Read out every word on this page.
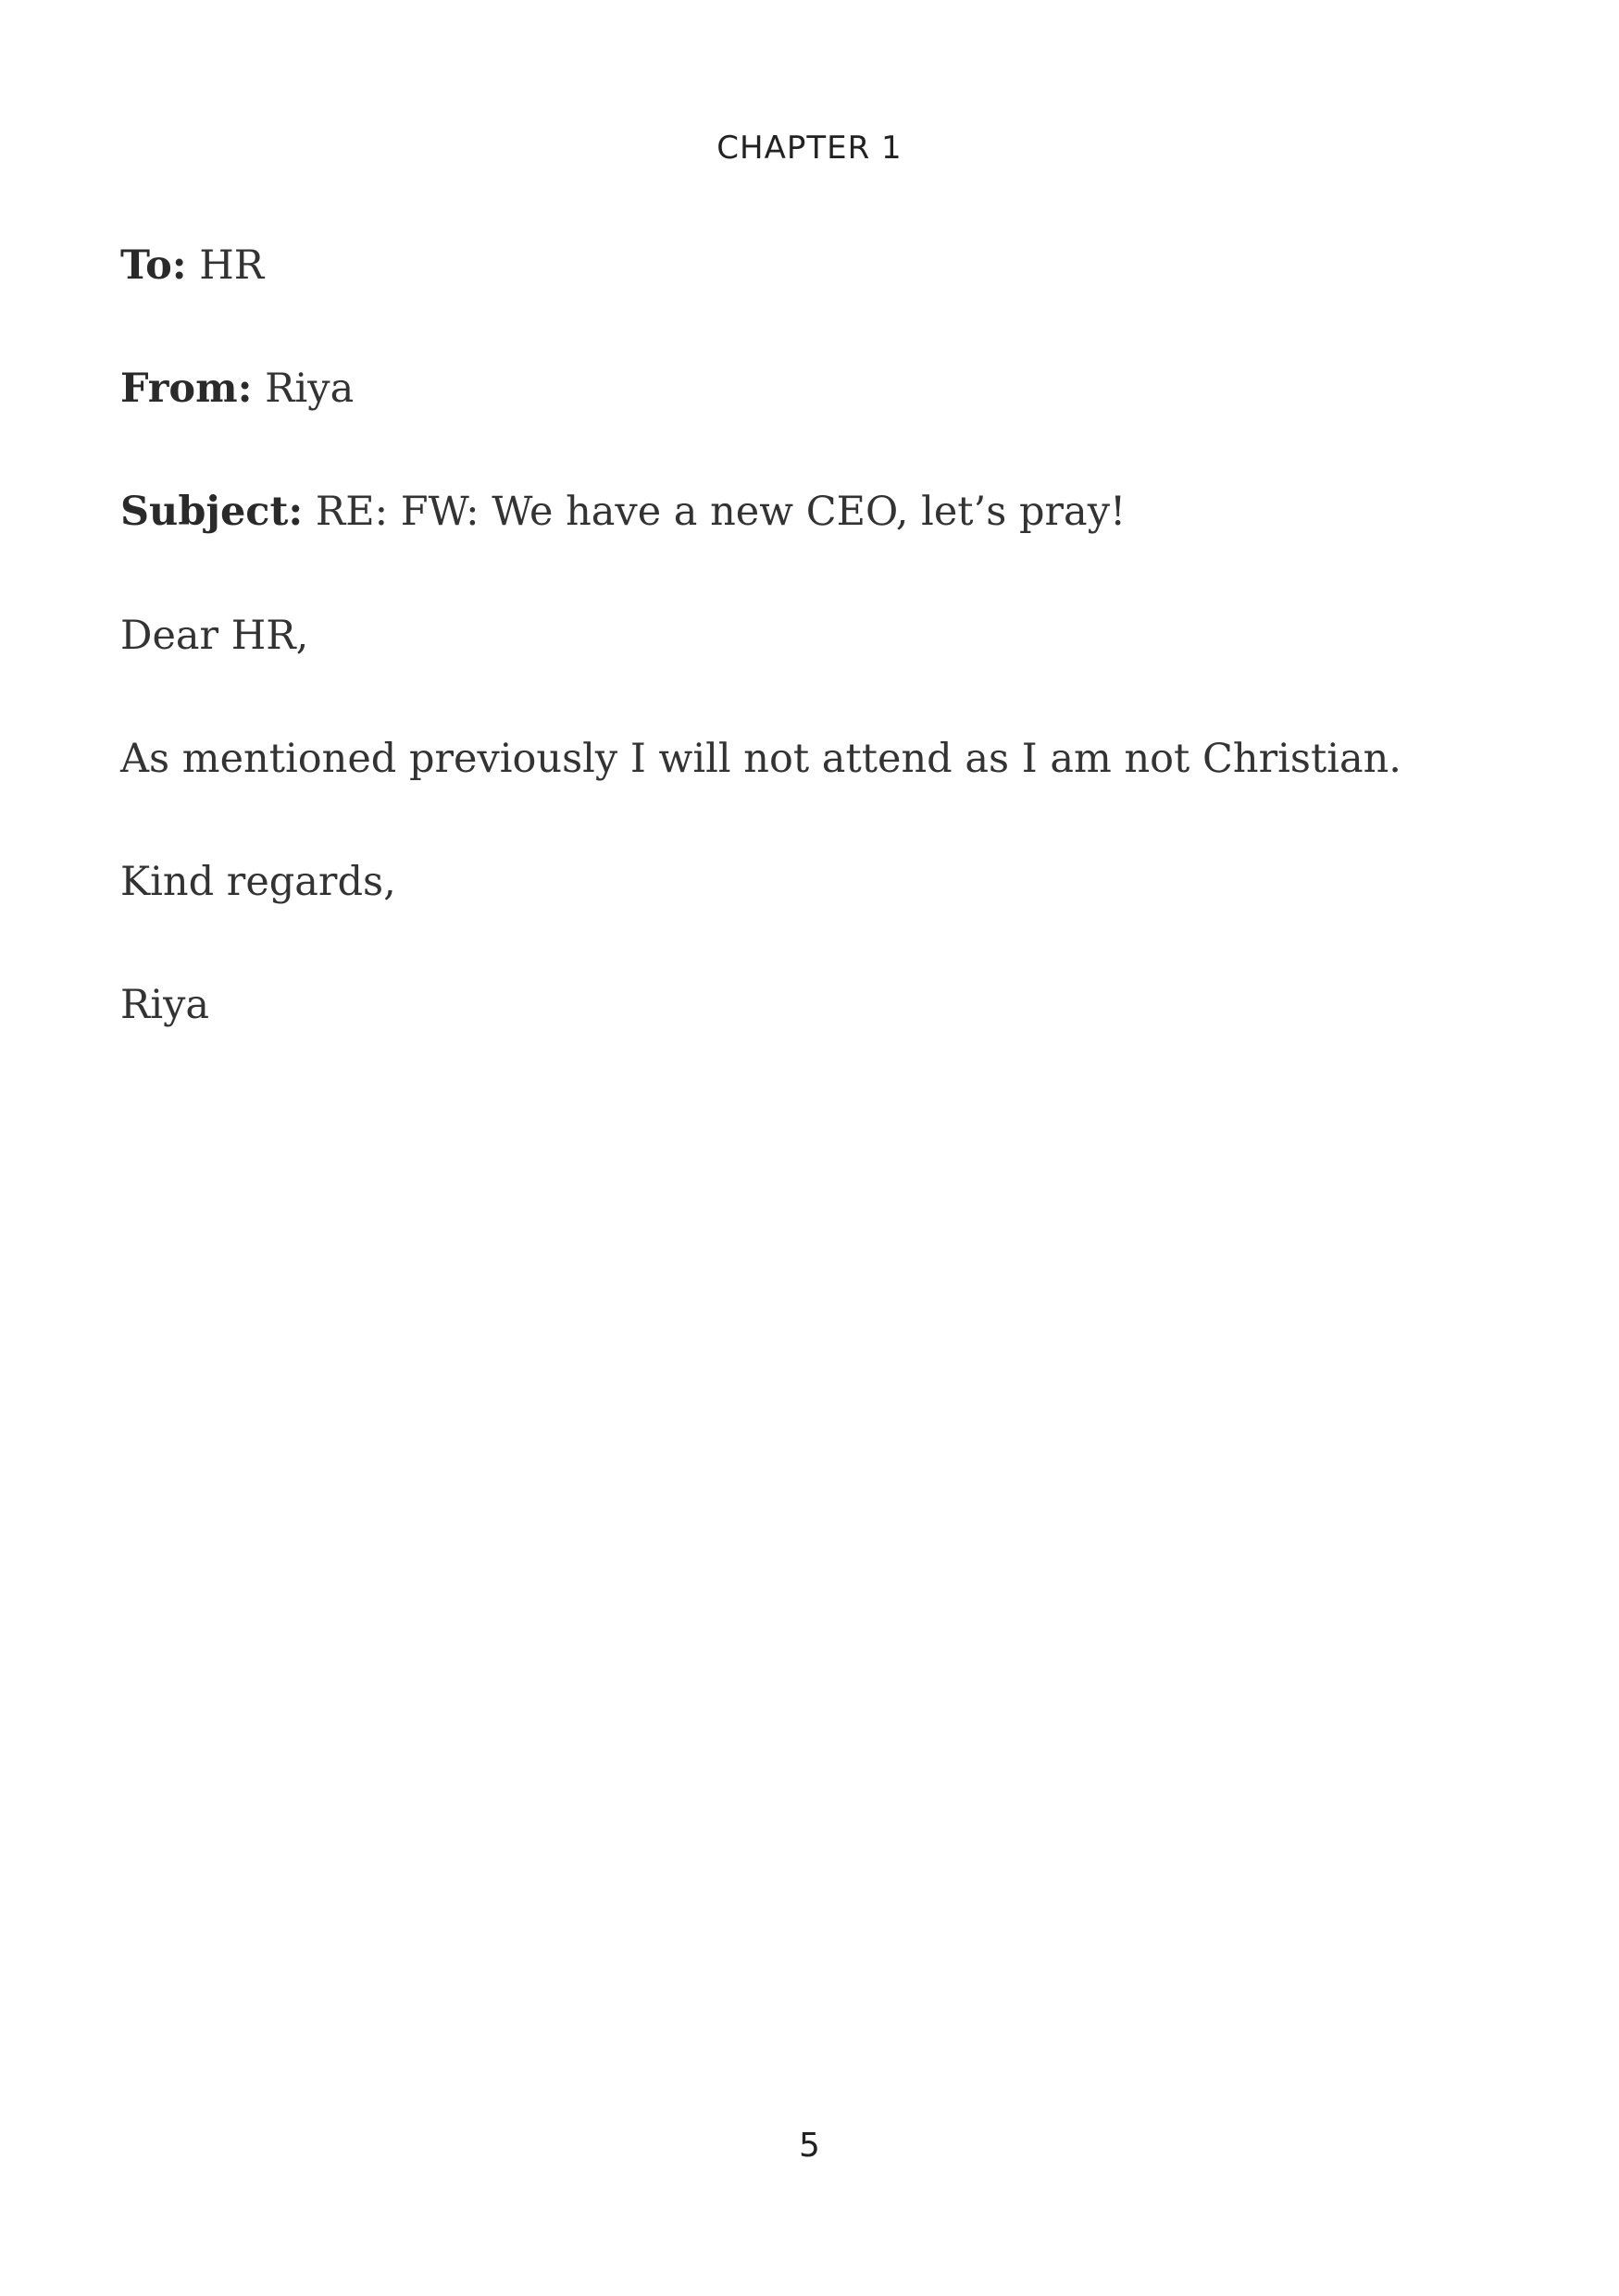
CHAPTER 1
To: HR
From: Riya
Subject: RE: FW: We have a new CEO, let’s pray!
Dear HR,
As mentioned previously I will not attend as I am not Christian.
Kind regards,
Riya
5
